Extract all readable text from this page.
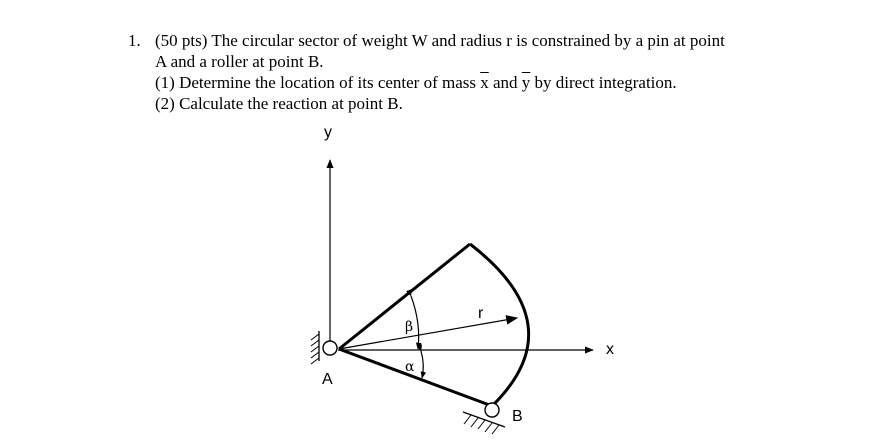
1. (50 pts) The circular sector of weight W and radius r is constrained by a pin at point
A and a roller at point B.
(1) Determine the location of its center of mass $\overline{x}$ and $\overline{y}$ by direct integration.
(2) Calculate the reaction at point B.
y
x
A
r
β
α
B
